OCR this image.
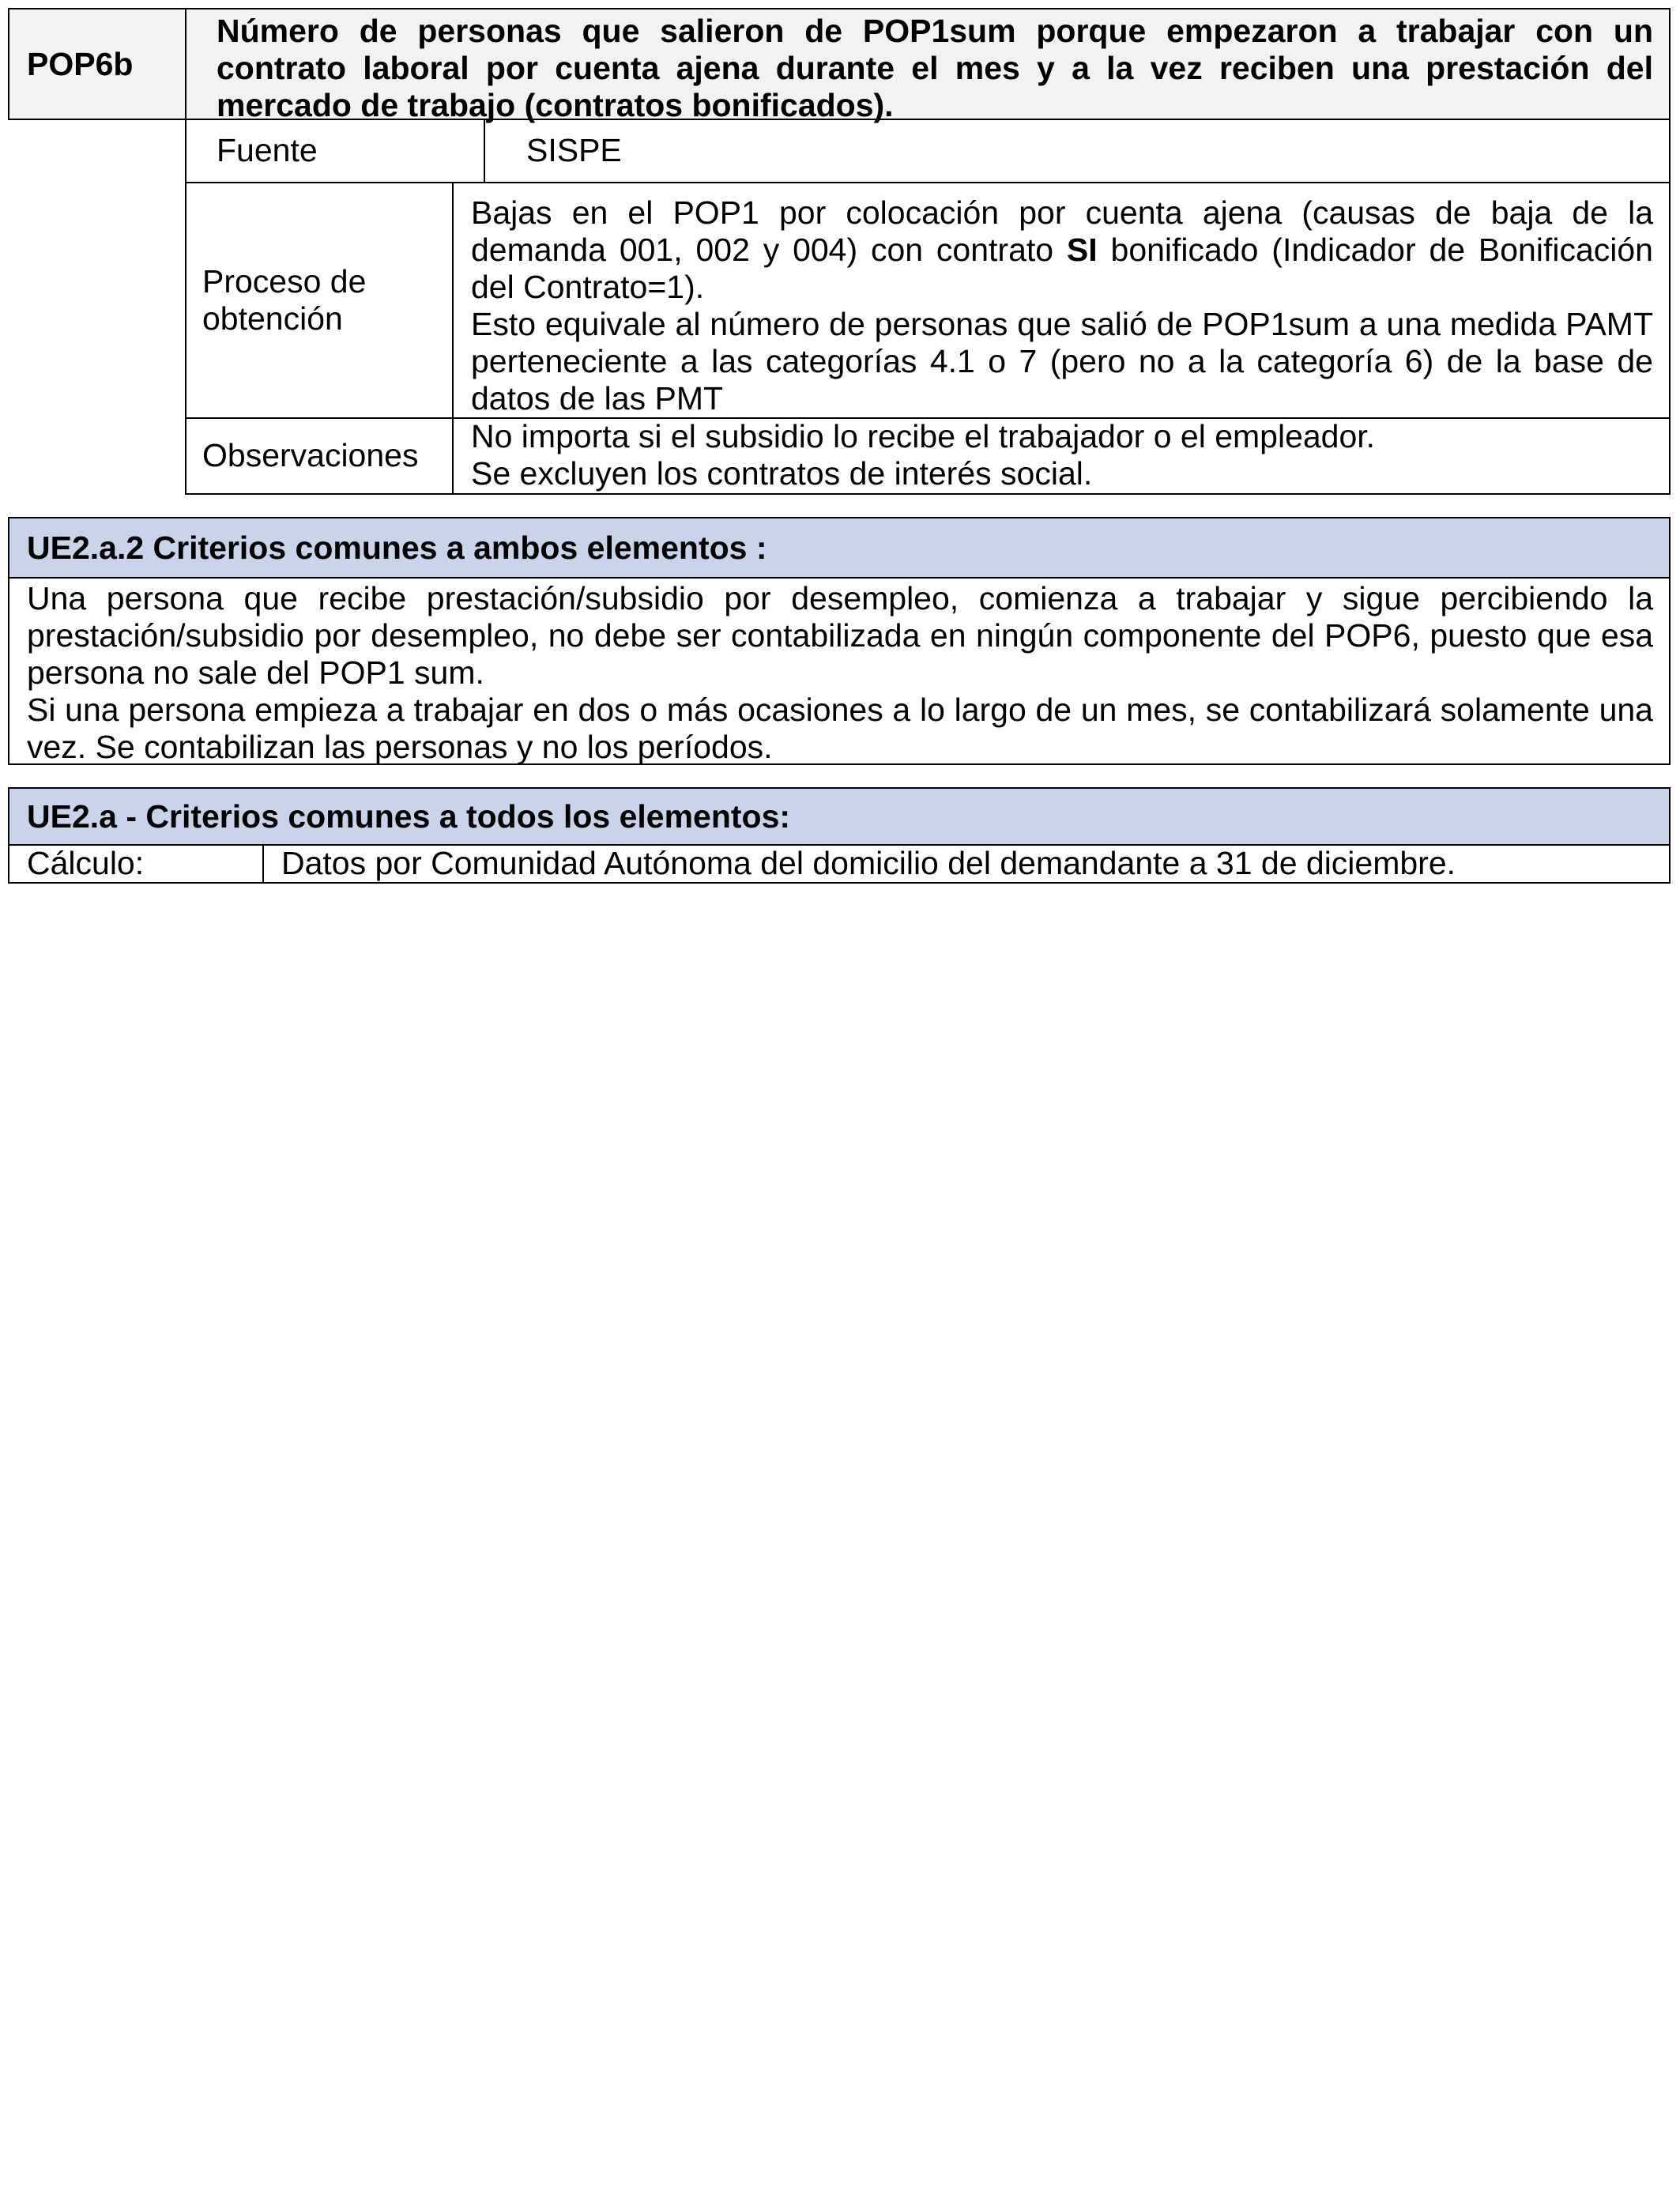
POP6b

Número de personas que salieron de POP1sum porque empezaron a trabajar con un contrato laboral por cuenta ajena durante el mes y a la vez reciben una prestación del mercado de trabajo (contratos bonificados).

Fuente	SISPE
Proceso de obtención

Bajas en el POP1 por colocación por cuenta ajena (causas de baja de la demanda 001, 002 y 004) con contrato SI bonificado (Indicador de Bonificación del Contrato=1).

Esto equivale al número de personas que salió de POP1sum a una medida PAMT perteneciente a las categorías 4.1 o 7 (pero no a la categoría 6) de la base de datos de las PMT

Observaciones

No importa si el subsidio lo recibe el trabajador o el empleador.

Se excluyen los contratos de interés social.

UE2.a.2 Criterios comunes a ambos elementos :

Una persona que recibe prestación/subsidio por desempleo, comienza a trabajar y sigue percibiendo la prestación/subsidio por desempleo, no debe ser contabilizada en ningún componente del POP6, puesto que esa persona no sale del POP1 sum.

Si una persona empieza a trabajar en dos o más ocasiones a lo largo de un mes, se contabilizará solamente una vez. Se contabilizan las personas y no los períodos.

UE2.a - Criterios comunes a todos los elementos:
Cálculo:	Datos por Comunidad Autónoma del domicilio del demandante a 31 de diciembre.
